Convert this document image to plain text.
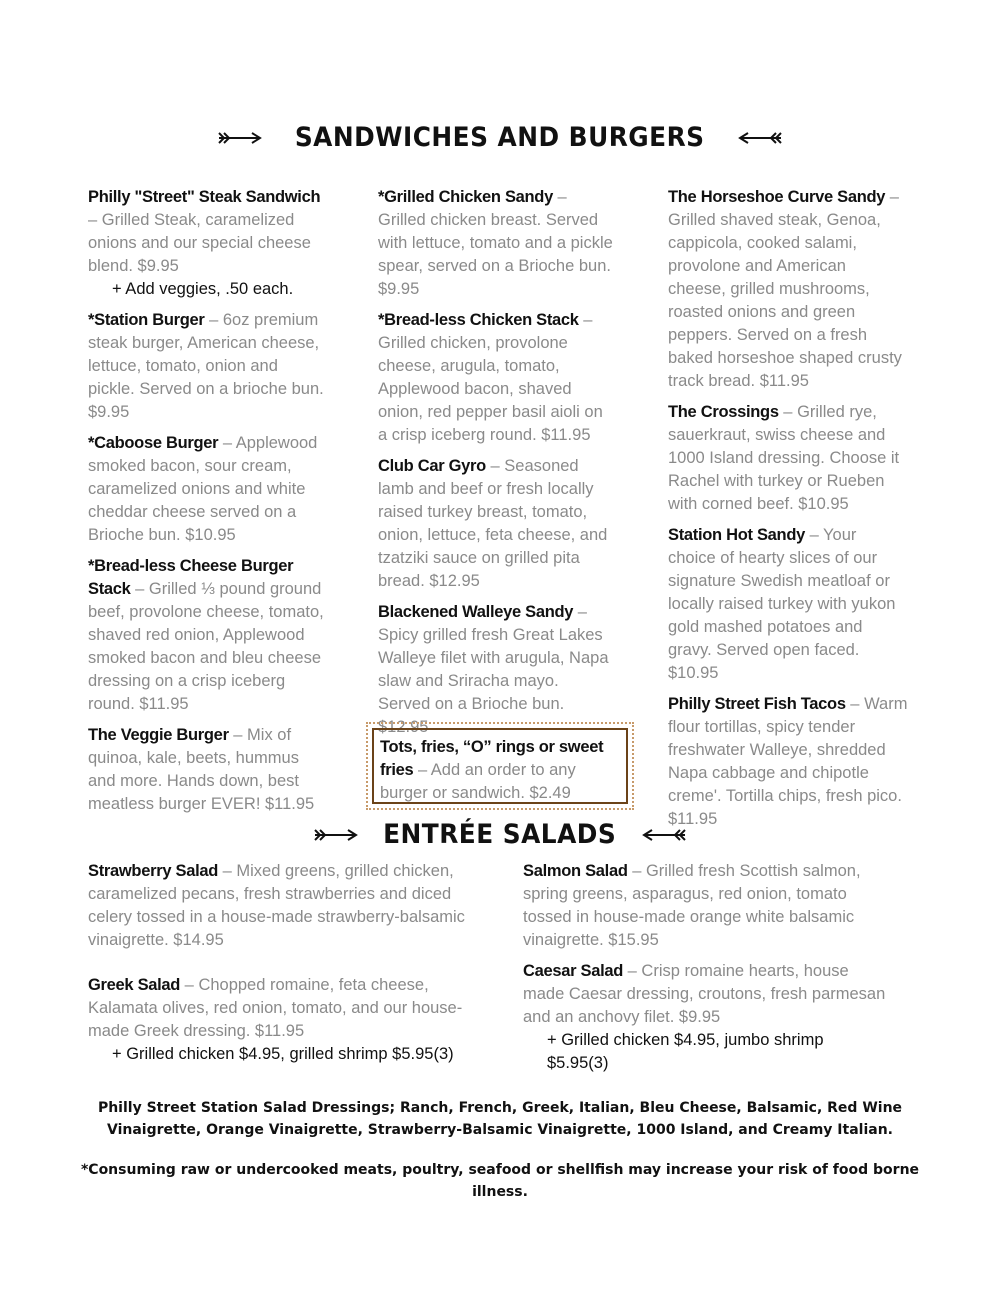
SANDWICHES AND BURGERS
Philly "Street" Steak Sandwich – Grilled Steak, caramelized onions and our special cheese blend. $9.95
+ Add veggies, .50 each.
*Station Burger – 6oz premium steak burger, American cheese, lettuce, tomato, onion and pickle. Served on a brioche bun. $9.95
*Caboose Burger – Applewood smoked bacon, sour cream, caramelized onions and white cheddar cheese served on a Brioche bun. $10.95
*Bread-less Cheese Burger Stack – Grilled ⅓ pound ground beef, provolone cheese, tomato, shaved red onion, Applewood smoked bacon and bleu cheese dressing on a crisp iceberg round. $11.95
The Veggie Burger – Mix of quinoa, kale, beets, hummus and more. Hands down, best meatless burger EVER! $11.95
*Grilled Chicken Sandy – Grilled chicken breast. Served with lettuce, tomato and a pickle spear, served on a Brioche bun. $9.95
*Bread-less Chicken Stack – Grilled chicken, provolone cheese, arugula, tomato, Applewood bacon, shaved onion, red pepper basil aioli on a crisp iceberg round. $11.95
Club Car Gyro – Seasoned lamb and beef or fresh locally raised turkey breast, tomato, onion, lettuce, feta cheese, and tzatziki sauce on grilled pita bread. $12.95
Blackened Walleye Sandy – Spicy grilled fresh Great Lakes Walleye filet with arugula, Napa slaw and Sriracha mayo. Served on a Brioche bun. $12.95
Tots, fries, “O” rings or sweet fries – Add an order to any burger or sandwich. $2.49
The Horseshoe Curve Sandy – Grilled shaved steak, Genoa, cappicola, cooked salami, provolone and American cheese, grilled mushrooms, roasted onions and green peppers. Served on a fresh baked horseshoe shaped crusty track bread. $11.95
The Crossings – Grilled rye, sauerkraut, swiss cheese and 1000 Island dressing. Choose it Rachel with turkey or Rueben with corned beef. $10.95
Station Hot Sandy – Your choice of hearty slices of our signature Swedish meatloaf or locally raised turkey with yukon gold mashed potatoes and gravy. Served open faced. $10.95
Philly Street Fish Tacos – Warm flour tortillas, spicy tender freshwater Walleye, shredded Napa cabbage and chipotle creme'. Tortilla chips, fresh pico. $11.95
ENTRÉE SALADS
Strawberry Salad – Mixed greens, grilled chicken, caramelized pecans, fresh strawberries and diced celery tossed in a house-made strawberry-balsamic vinaigrette. $14.95
Greek Salad – Chopped romaine, feta cheese, Kalamata olives, red onion, tomato, and our house-made Greek dressing. $11.95
+ Grilled chicken $4.95, grilled shrimp $5.95(3)
Salmon Salad – Grilled fresh Scottish salmon, spring greens, asparagus, red onion, tomato tossed in house-made orange white balsamic vinaigrette. $15.95
Caesar Salad – Crisp romaine hearts, house made Caesar dressing, croutons, fresh parmesan and an anchovy filet. $9.95
+ Grilled chicken $4.95, jumbo shrimp $5.95(3)
Philly Street Station Salad Dressings; Ranch, French, Greek, Italian, Bleu Cheese, Balsamic, Red Wine Vinaigrette, Orange Vinaigrette, Strawberry-Balsamic Vinaigrette, 1000 Island, and Creamy Italian.
*Consuming raw or undercooked meats, poultry, seafood or shellfish may increase your risk of food borne illness.
